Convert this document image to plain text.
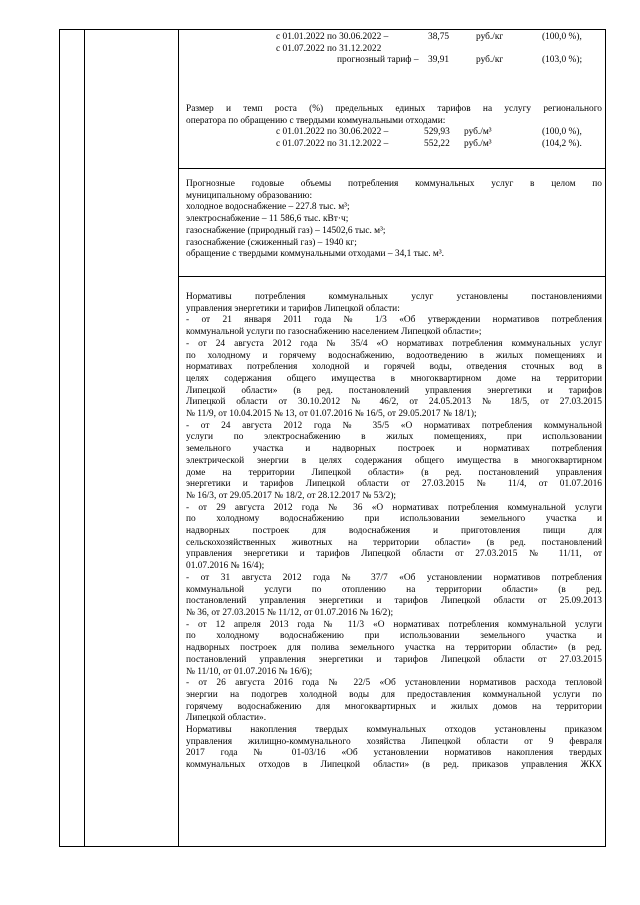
с 01.01.2022 по 30.06.2022 –	38,75	руб./кг	(100,0 %),
с 01.07.2022 по 31.12.2022
прогнозный тариф – 39,91	руб./кг	(103,0 %);

Размер и темп роста (%) предельных единых тарифов на услугу регионального

оператора по обращению с твердыми коммунальными отходами:

с 01.01.2022 по 30.06.2022 –	529,93 руб./м³	(100,0 %),
с 01.07.2022 по 31.12.2022 –	552,22 руб./м³	(104,2 %).

Прогнозные годовые объемы потребления коммунальных услуг в целом по

муниципальному образованию:

холодное водоснабжение – 227.8 тыс. м³;

электроснабжение – 11 586,6 тыс. кВт·ч;

газоснабжение (природный газ) – 14502,6 тыс. м³;

газоснабжение (сжиженный газ) – 1940 кг;

обращение с твердыми коммунальными отходами – 34,1 тыс. м³.

Нормативы потребления коммунальных услуг установлены постановлениями

управления энергетики и тарифов Липецкой области:

- от 21 января 2011 года № 1/3 «Об утверждении нормативов потребления

коммунальной услуги по газоснабжению населением Липецкой области»;

- от 24 августа 2012 года № 35/4 «О нормативах потребления коммунальных услуг

по холодному и горячему водоснабжению, водоотведению в жилых помещениях и

нормативах потребления холодной и горячей воды, отведения сточных вод в

целях содержания общего имущества в многоквартирном доме на территории

Липецкой области» (в ред. постановлений управления энергетики и тарифов

Липецкой области от 30.10.2012 № 46/2, от 24.05.2013 № 18/5, от 27.03.2015

№ 11/9, от 10.04.2015 № 13, от 01.07.2016 № 16/5, от 29.05.2017 № 18/1);

- от 24 августа 2012 года № 35/5 «О нормативах потребления коммунальной

услуги по электроснабжению в жилых помещениях, при использовании

земельного участка и надворных построек и нормативах потребления

электрической энергии в целях содержания общего имущества в многоквартирном

доме на территории Липецкой области» (в ред. постановлений управления

энергетики и тарифов Липецкой области от 27.03.2015 № 11/4, от 01.07.2016

№ 16/3, от 29.05.2017 № 18/2, от 28.12.2017 № 53/2);

- от 29 августа 2012 года № 36 «О нормативах потребления коммунальной услуги

по холодному водоснабжению при использовании земельного участка и

надворных построек для водоснабжения и приготовления пищи для

сельскохозяйственных животных на территории области» (в ред. постановлений

управления энергетики и тарифов Липецкой области от 27.03.2015 № 11/11, от

01.07.2016 № 16/4);

- от 31 августа 2012 года № 37/7 «Об установлении нормативов потребления

коммунальной услуги по отоплению на территории области» (в ред.

постановлений управления энергетики и тарифов Липецкой области от 25.09.2013

№ 36, от 27.03.2015 № 11/12, от 01.07.2016 № 16/2);

- от 12 апреля 2013 года № 11/3 «О нормативах потребления коммунальной услуги

по холодному водоснабжению при использовании земельного участка и

надворных построек для полива земельного участка на территории области» (в ред.

постановлений управления энергетики и тарифов Липецкой области от 27.03.2015

№ 11/10, от 01.07.2016 № 16/6);

- от 26 августа 2016 года № 22/5 «Об установлении нормативов расхода тепловой

энергии на подогрев холодной воды для предоставления коммунальной услуги по

горячему водоснабжению для многоквартирных и жилых домов на территории

Липецкой области».

Нормативы накопления твердых коммунальных отходов установлены приказом

управления жилищно-коммунального хозяйства Липецкой области от 9 февраля

2017 года № 01-03/16 «Об установлении нормативов накопления твердых

коммунальных отходов в Липецкой области» (в ред. приказов управления ЖКХ
